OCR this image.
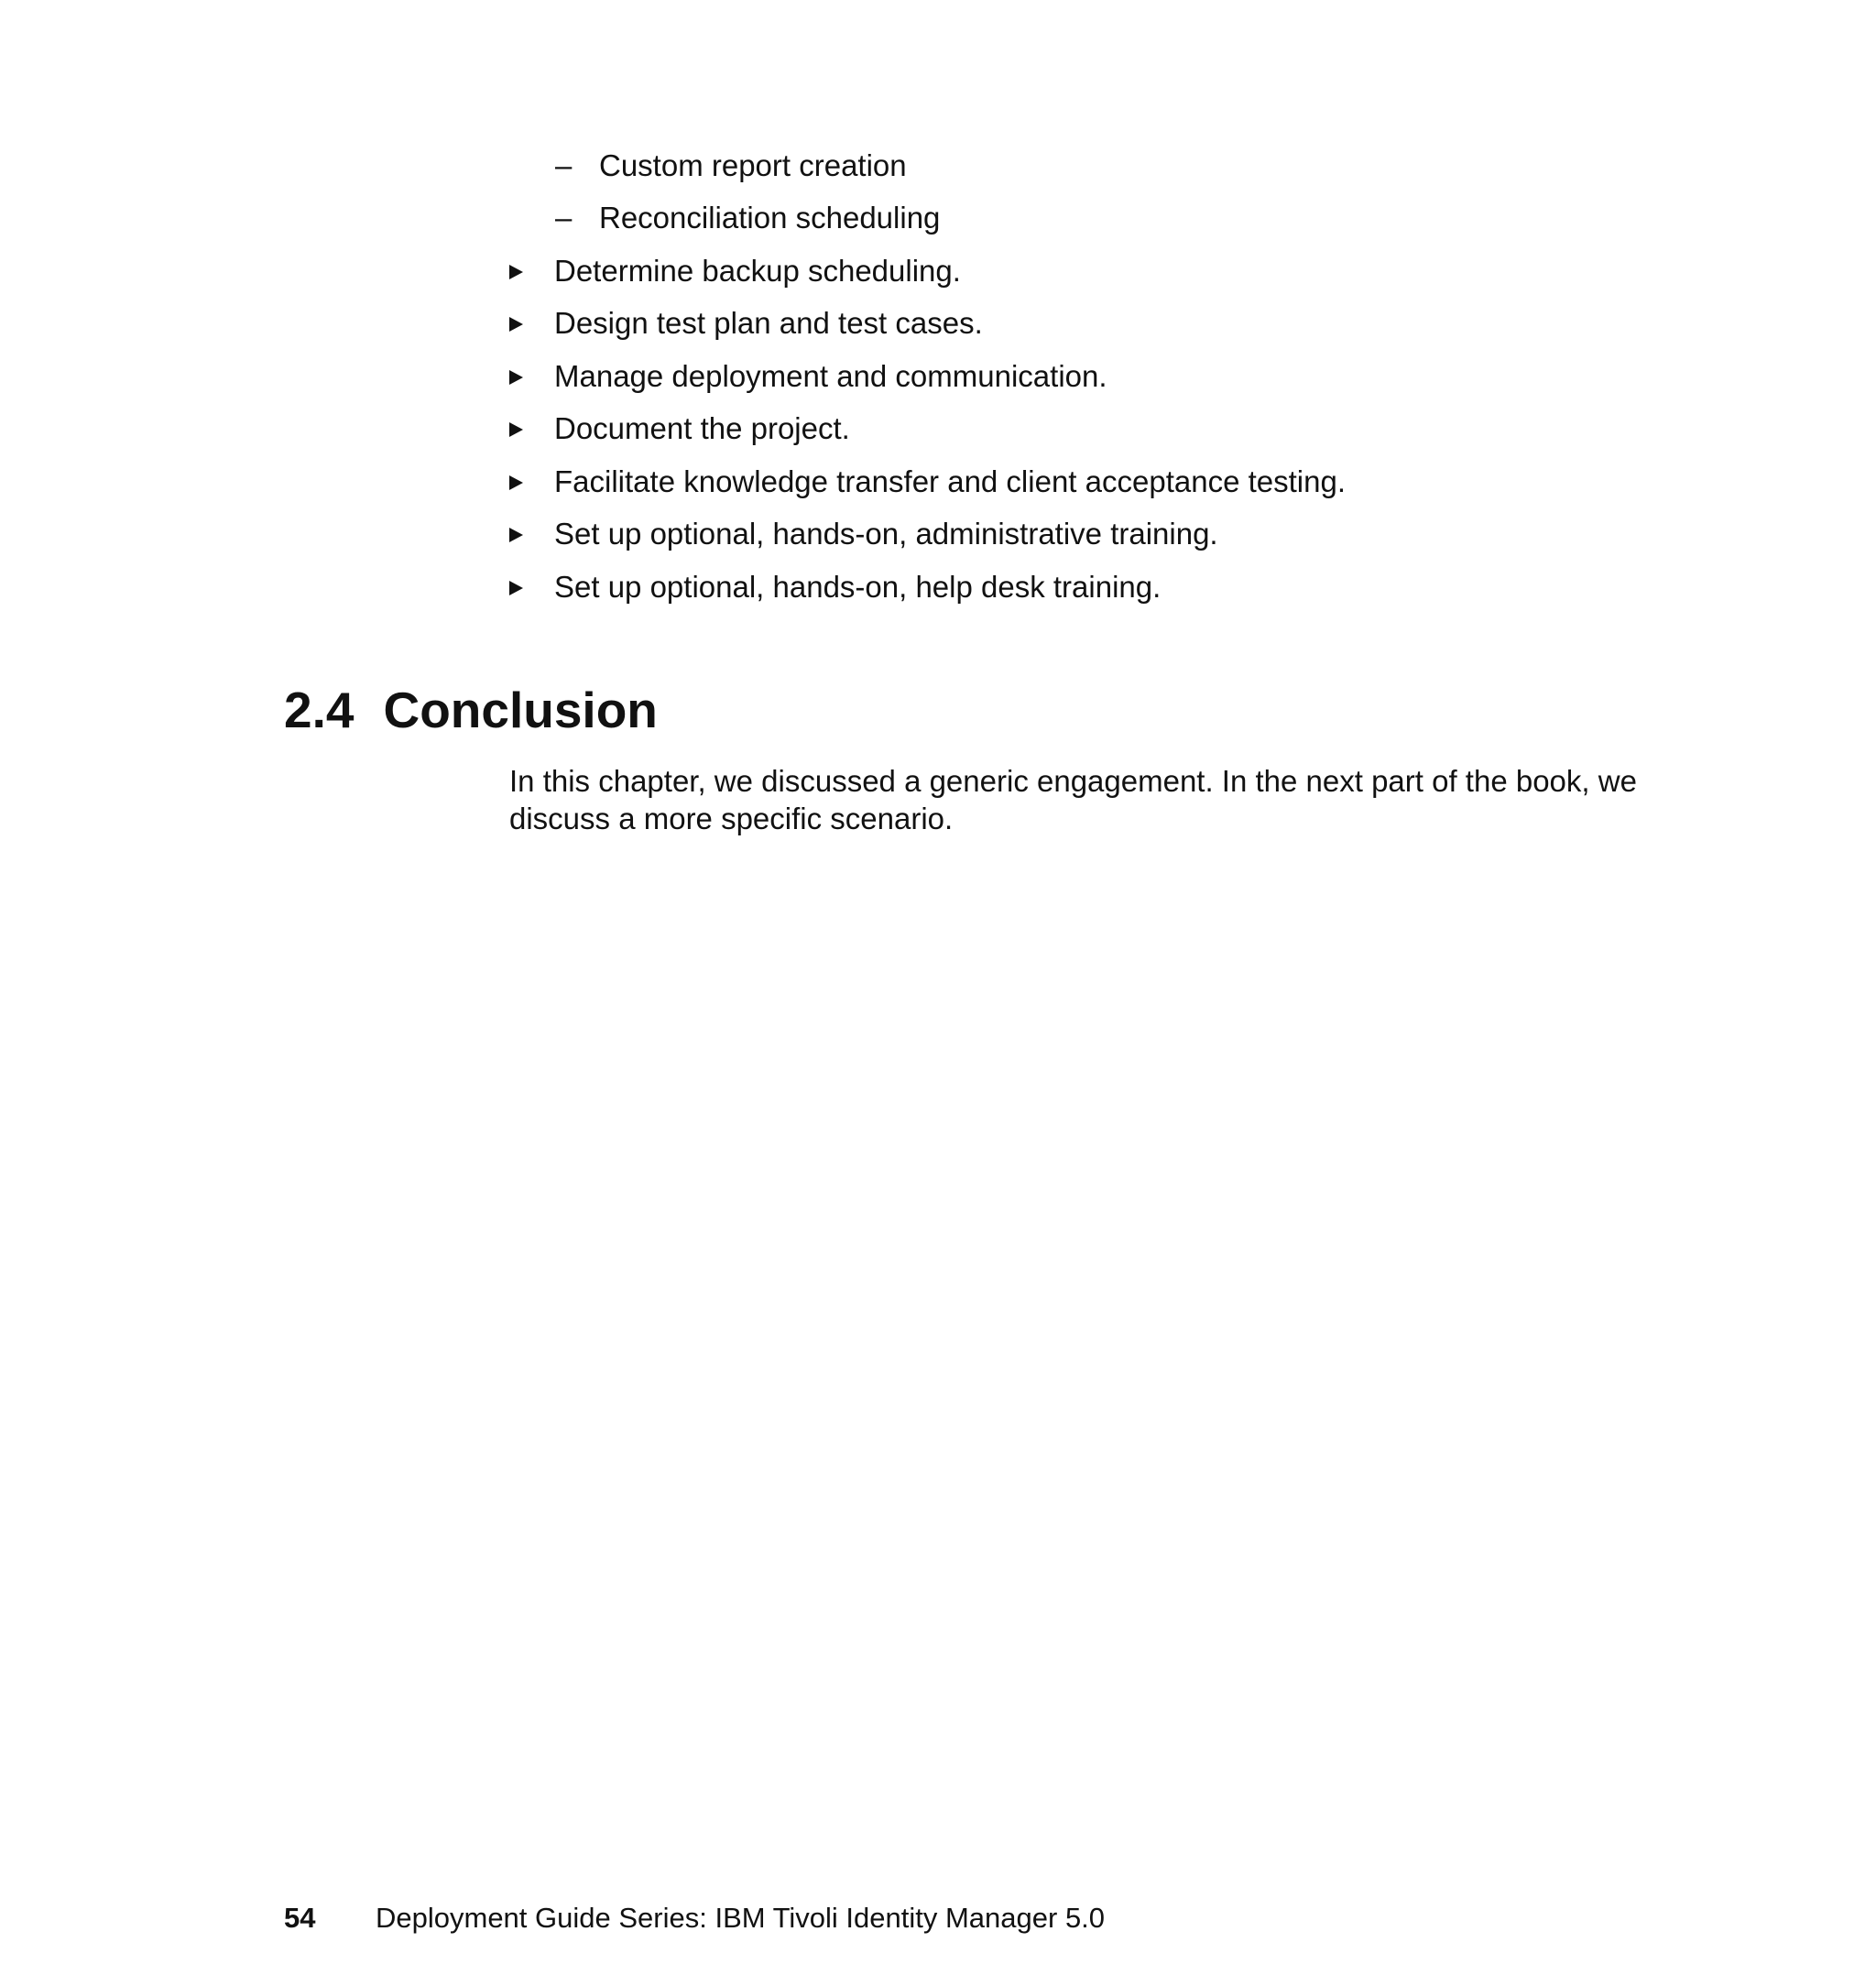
– Custom report creation
– Reconciliation scheduling
Determine backup scheduling.
Design test plan and test cases.
Manage deployment and communication.
Document the project.
Facilitate knowledge transfer and client acceptance testing.
Set up optional, hands-on, administrative training.
Set up optional, hands-on, help desk training.
2.4 Conclusion

In this chapter, we discussed a generic engagement. In the next part of the book, we discuss a more specific scenario.

54 Deployment Guide Series: IBM Tivoli Identity Manager 5.0
